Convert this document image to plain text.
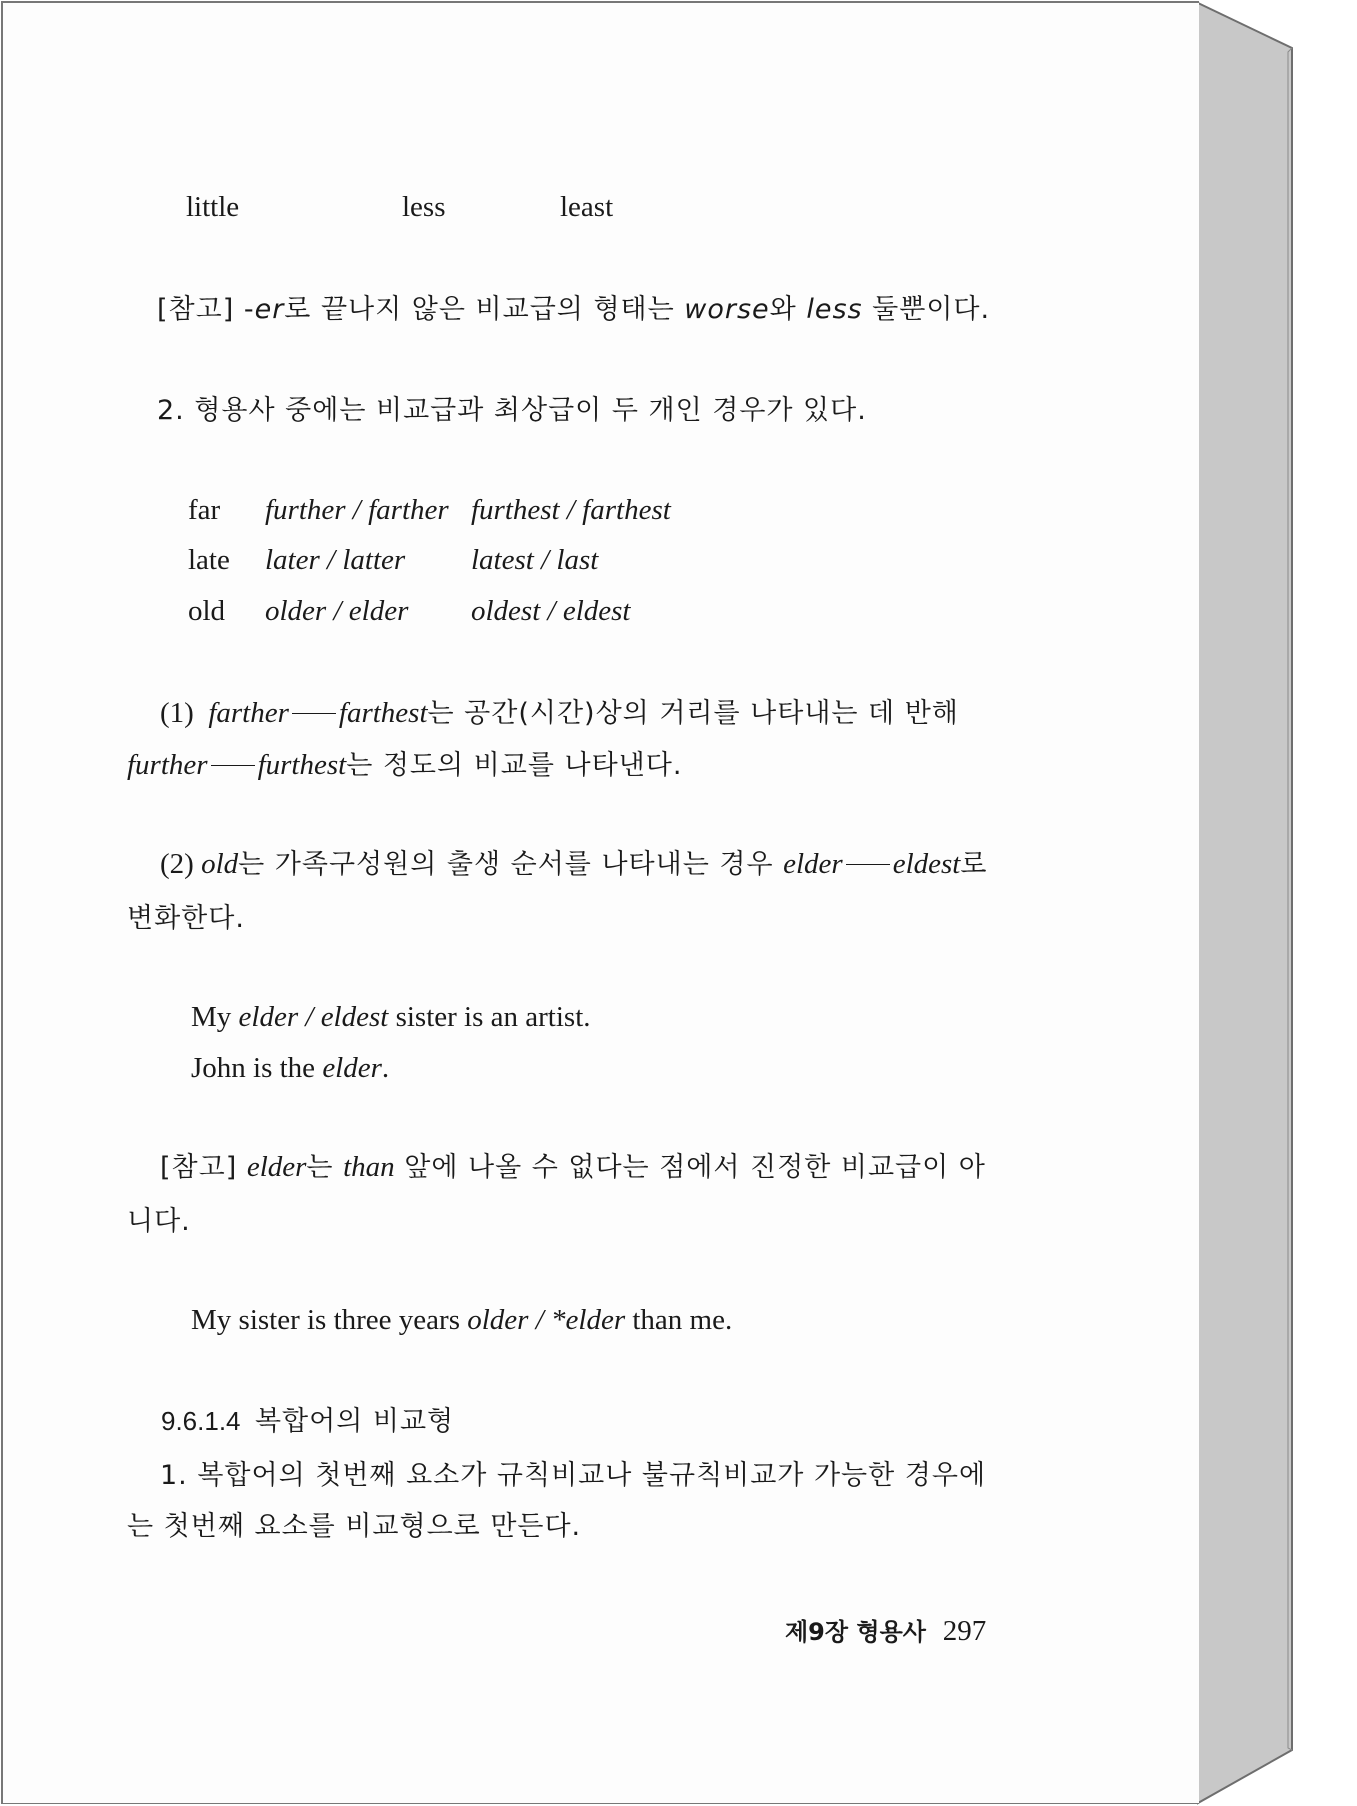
little	less	least
[참고] -er로 끝나지 않은 비교급의 형태는 worse와 less 둘뿐이다.
2. 형용사 중에는 비교급과 최상급이 두 개인 경우가 있다.
far further / farther furthest / farthest
late later / latter latest / last
old older / elder oldest / eldest
(1) farther farthest는 공간(시간)상의 거리를 나타내는 데 반해
further furthest는 정도의 비교를 나타낸다.
(2) old는 가족구성원의 출생 순서를 나타내는 경우 elder eldest로
변화한다.
My elder / eldest sister is an artist.
John is the elder.
[참고] elder는 than 앞에 나올 수 없다는 점에서 진정한 비교급이 아
니다.
My sister is three years older / *elder than me.
9.6.1.4 복합어의 비교형
1. 복합어의 첫번째 요소가 규칙비교나 불규칙비교가 가능한 경우에
는 첫번째 요소를 비교형으로 만든다.
제9장 형용사 297
